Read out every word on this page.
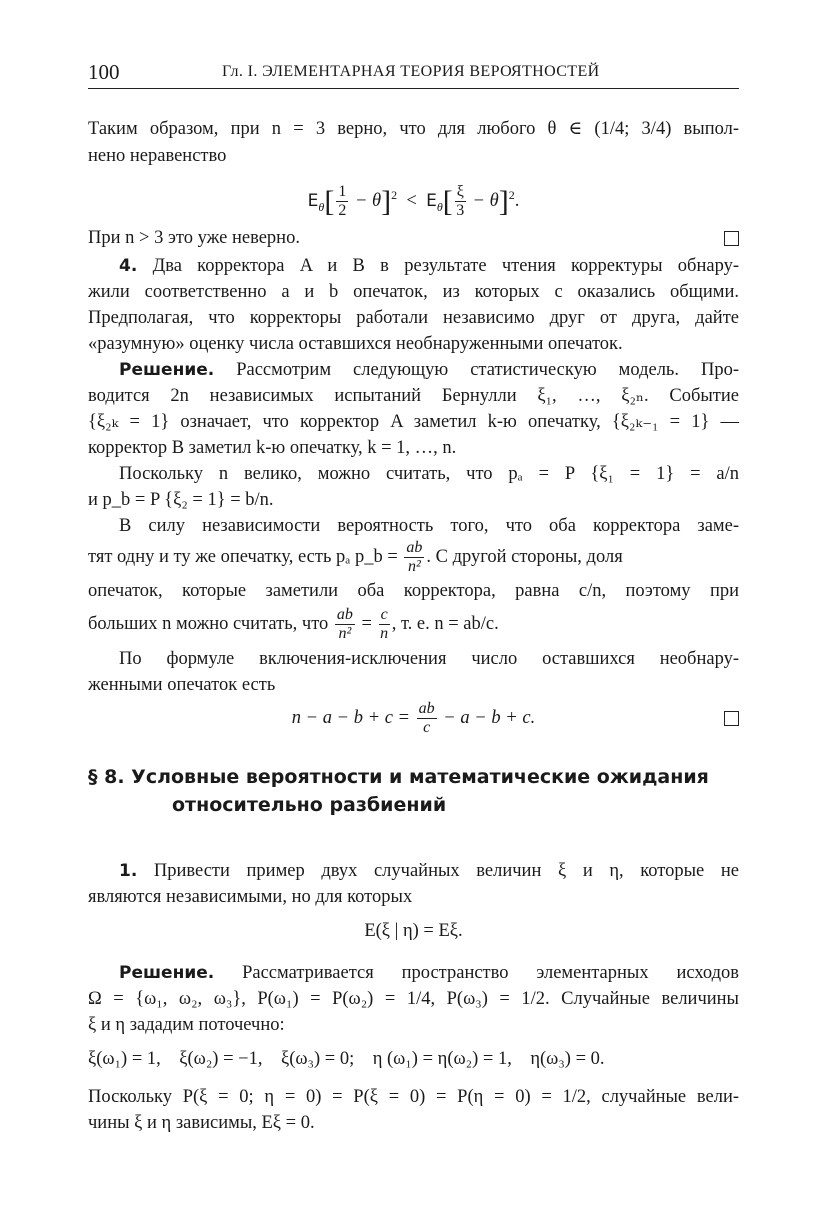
100	Гл. I. ЭЛЕМЕНТАРНАЯ ТЕОРИЯ ВЕРОЯТНОСТЕЙ
Таким образом, при n = 3 верно, что для любого θ ∈ (1/4; 3/4) выпол-
нено неравенство
$E_\theta[ \frac{1}{2} - \theta]^2 < E_\theta[ \frac{\xi}{3} - \theta]^2$.
При n > 3 это уже неверно.
4. Два корректора A и B в результате чтения корректуры обнару-
жили соответственно a и b опечаток, из которых c оказались общими.
Предполагая, что корректоры работали независимо друг от друга, дайте
«разумную» оценку числа оставшихся необнаруженными опечаток.
Решение. Рассмотрим следующую статистическую модель. Про-
водится 2n независимых испытаний Бернулли ξ₁, …, ξ₂ₙ. Событие
{ξ₂ₖ = 1} означает, что корректор A заметил k-ю опечатку, {ξ₂ₖ₋₁ = 1} —
корректор B заметил k-ю опечатку, k = 1, …, n.
Поскольку n велико, можно считать, что pₐ = P {ξ₁ = 1} = a/n
и p_b = P {ξ₂ = 1} = b/n.
В силу независимости вероятность того, что оба корректора заме-
тят одну и ту же опечатку, есть pₐ p_b = $\frac{ab}{\text{n²}}$ . С другой стороны, доля
опечаток, которые заметили оба корректора, равна c/n, поэтому при
больших n можно считать, что $\frac{ab}{\text{n²}} = \frac{c}{n}$ , т. е. n = ab/c.
По формуле включения-исключения число оставшихся необнару-
женными опечаток есть
$n - a - b + c = \frac{ab}{c} - a - b + c$.
§ 8. Условные вероятности и математические ожидания
относительно разбиений
1. Привести пример двух случайных величин ξ и η, которые не
являются независимыми, но для которых
E(ξ | η) = Eξ.
Решение. Рассматривается пространство элементарных исходов
Ω = {ω₁, ω₂, ω₃}, P(ω₁) = P(ω₂) = 1/4, P(ω₃) = 1/2. Случайные величины
ξ и η зададим поточечно:
ξ(ω₁) = 1,    ξ(ω₂) = −1,    ξ(ω₃) = 0;    η (ω₁) = η(ω₂) = 1,    η(ω₃) = 0.
Поскольку P(ξ = 0; η = 0) = P(ξ = 0) = P(η = 0) = 1/2, случайные вели-
чины ξ и η зависимы, Eξ = 0.
